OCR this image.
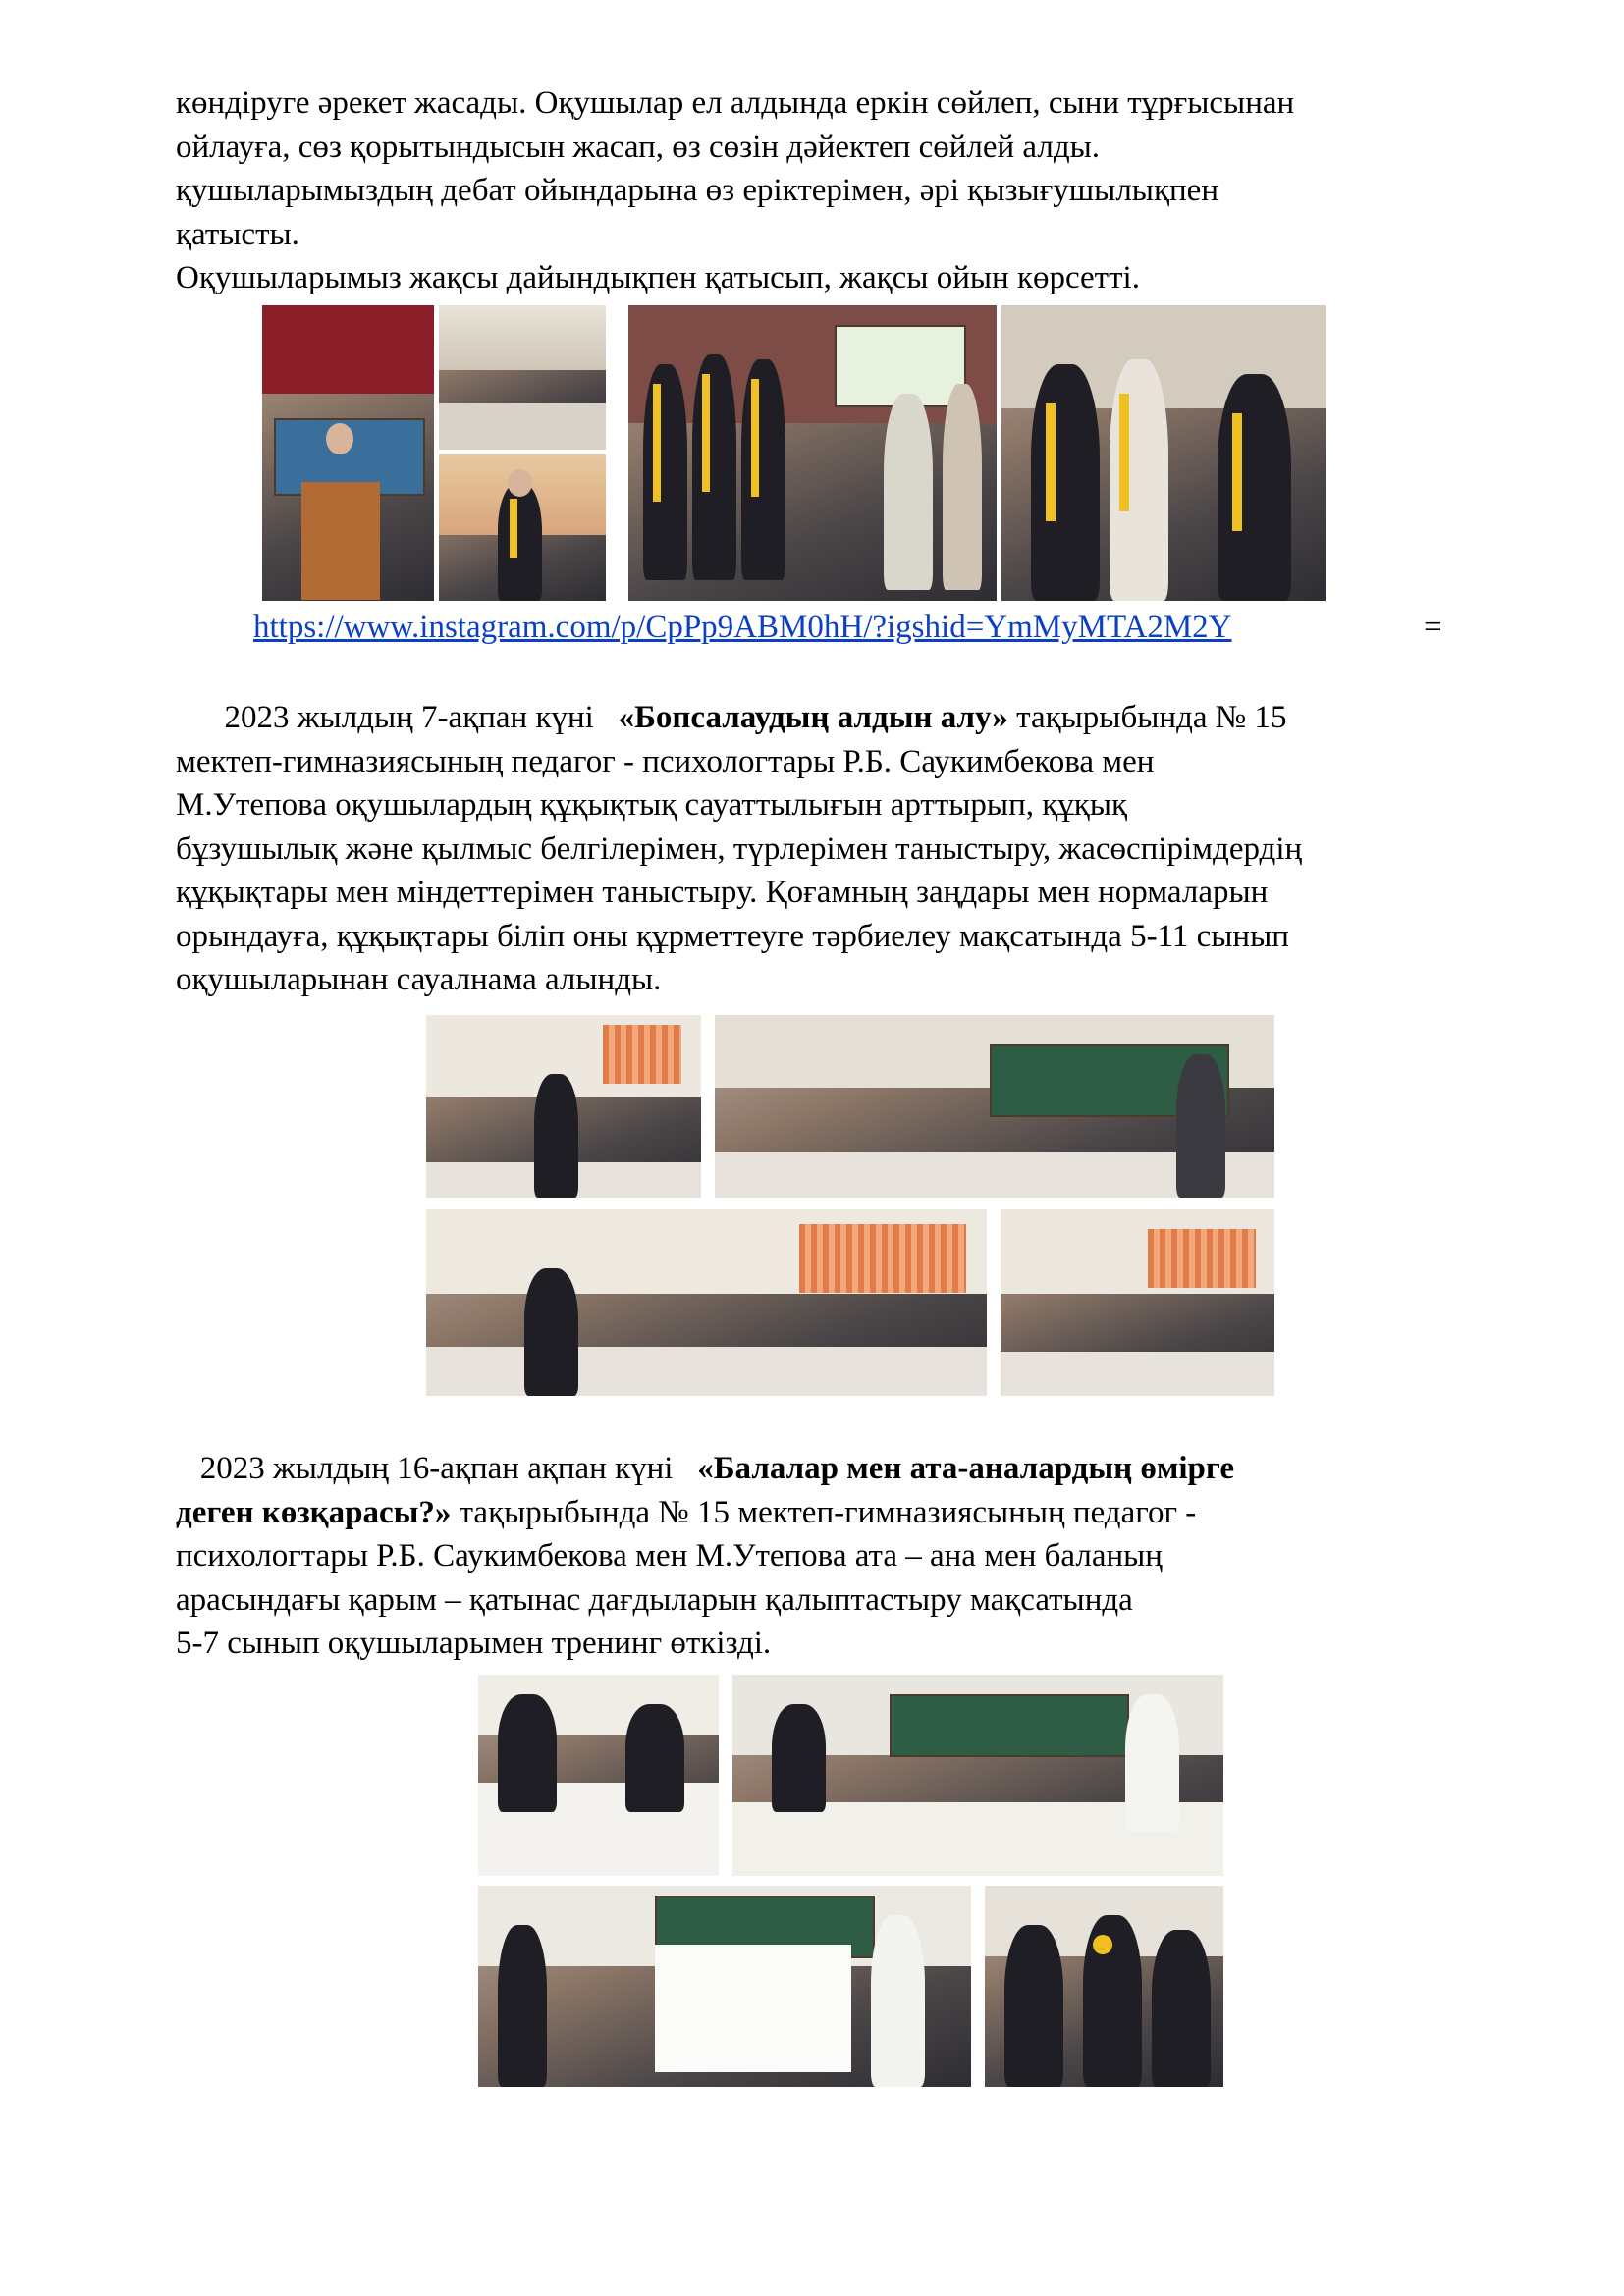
көндіруге әрекет жасады. Оқушылар ел алдында еркін сөйлеп, сыни тұрғысынан
ойлауға, сөз қорытындысын жасап, өз сөзін дәйектеп сөйлей алды.
қушыларымыздың дебат ойындарына өз еріктерімен, әрі қызығушылықпен
қатысты.
Оқушыларымыз жақсы дайындықпен қатысып, жақсы ойын көрсетті.
https://www.instagram.com/p/CpPp9ABM0hH/?igshid=YmMyMTA2M2Y	=
2023 жылдың 7-ақпан күні «Бопсалаудың алдын алу» тақырыбында № 15
мектеп-гимназиясының педагог - психологтары Р.Б. Саукимбекова мен
М.Утепова оқушылардың құқықтық сауаттылығын арттырып, құқық
бұзушылық және қылмыс белгілерімен, түрлерімен таныстыру, жасөспірімдердің
құқықтары мен міндеттерімен таныстыру. Қоғамның заңдары мен нормаларын
орындауға, құқықтары біліп оны құрметтеуге тәрбиелеу мақсатында 5-11 сынып
оқушыларынан сауалнама алынды.
2023 жылдың 16-ақпан ақпан күні «Балалар мен ата-аналардың өмірге
деген көзқарасы?» тақырыбында № 15 мектеп-гимназиясының педагог -
психологтары Р.Б. Саукимбекова мен М.Утепова ата – ана мен баланың
арасындағы қарым – қатынас дағдыларын қалыптастыру мақсатында
5-7 сынып оқушыларымен тренинг өткізді.
